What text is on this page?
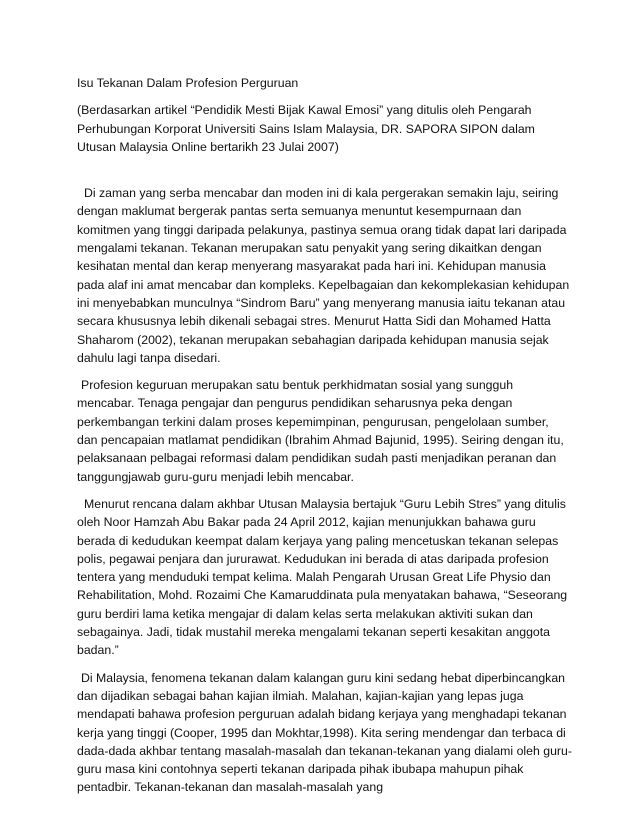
Isu Tekanan Dalam Profesion Perguruan

(Berdasarkan artikel “Pendidik Mesti Bijak Kawal Emosi” yang ditulis oleh Pengarah Perhubungan Korporat Universiti Sains Islam Malaysia, DR. SAPORA SIPON dalam Utusan Malaysia Online bertarikh 23 Julai 2007)

Di zaman yang serba mencabar dan moden ini di kala pergerakan semakin laju, seiring dengan maklumat bergerak pantas serta semuanya menuntut kesempurnaan dan komitmen yang tinggi daripada pelakunya, pastinya semua orang tidak dapat lari daripada mengalami tekanan. Tekanan merupakan satu penyakit yang sering dikaitkan dengan kesihatan mental dan kerap menyerang masyarakat pada hari ini. Kehidupan manusia pada alaf ini amat mencabar dan kompleks. Kepelbagaian dan kekomplekasian kehidupan ini menyebabkan munculnya “Sindrom Baru” yang menyerang manusia iaitu tekanan atau secara khususnya lebih dikenali sebagai stres. Menurut Hatta Sidi dan Mohamed Hatta Shaharom (2002), tekanan merupakan sebahagian daripada kehidupan manusia sejak dahulu lagi tanpa disedari.

Profesion keguruan merupakan satu bentuk perkhidmatan sosial yang sungguh mencabar. Tenaga pengajar dan pengurus pendidikan seharusnya peka dengan perkembangan terkini dalam proses kepemimpinan, pengurusan, pengelolaan sumber, dan pencapaian matlamat pendidikan (Ibrahim Ahmad Bajunid, 1995). Seiring dengan itu, pelaksanaan pelbagai reformasi dalam pendidikan sudah pasti menjadikan peranan dan tanggungjawab guru-guru menjadi lebih mencabar.

Menurut rencana dalam akhbar Utusan Malaysia bertajuk “Guru Lebih Stres” yang ditulis oleh Noor Hamzah Abu Bakar pada 24 April 2012, kajian menunjukkan bahawa guru berada di kedudukan keempat dalam kerjaya yang paling mencetuskan tekanan selepas polis, pegawai penjara dan jururawat. Kedudukan ini berada di atas daripada profesion tentera yang menduduki tempat kelima. Malah Pengarah Urusan Great Life Physio dan Rehabilitation, Mohd. Rozaimi Che Kamaruddinata pula menyatakan bahawa, “Seseorang guru berdiri lama ketika mengajar di dalam kelas serta melakukan aktiviti sukan dan sebagainya. Jadi, tidak mustahil mereka mengalami tekanan seperti kesakitan anggota badan.”

Di Malaysia, fenomena tekanan dalam kalangan guru kini sedang hebat diperbincangkan dan dijadikan sebagai bahan kajian ilmiah. Malahan, kajian-kajian yang lepas juga mendapati bahawa profesion perguruan adalah bidang kerjaya yang menghadapi tekanan kerja yang tinggi (Cooper, 1995 dan Mokhtar,1998). Kita sering mendengar dan terbaca di dada-dada akhbar tentang masalah-masalah dan tekanan-tekanan yang dialami oleh guru-guru masa kini contohnya seperti tekanan daripada pihak ibubapa mahupun pihak pentadbir. Tekanan-tekanan dan masalah-masalah yang
